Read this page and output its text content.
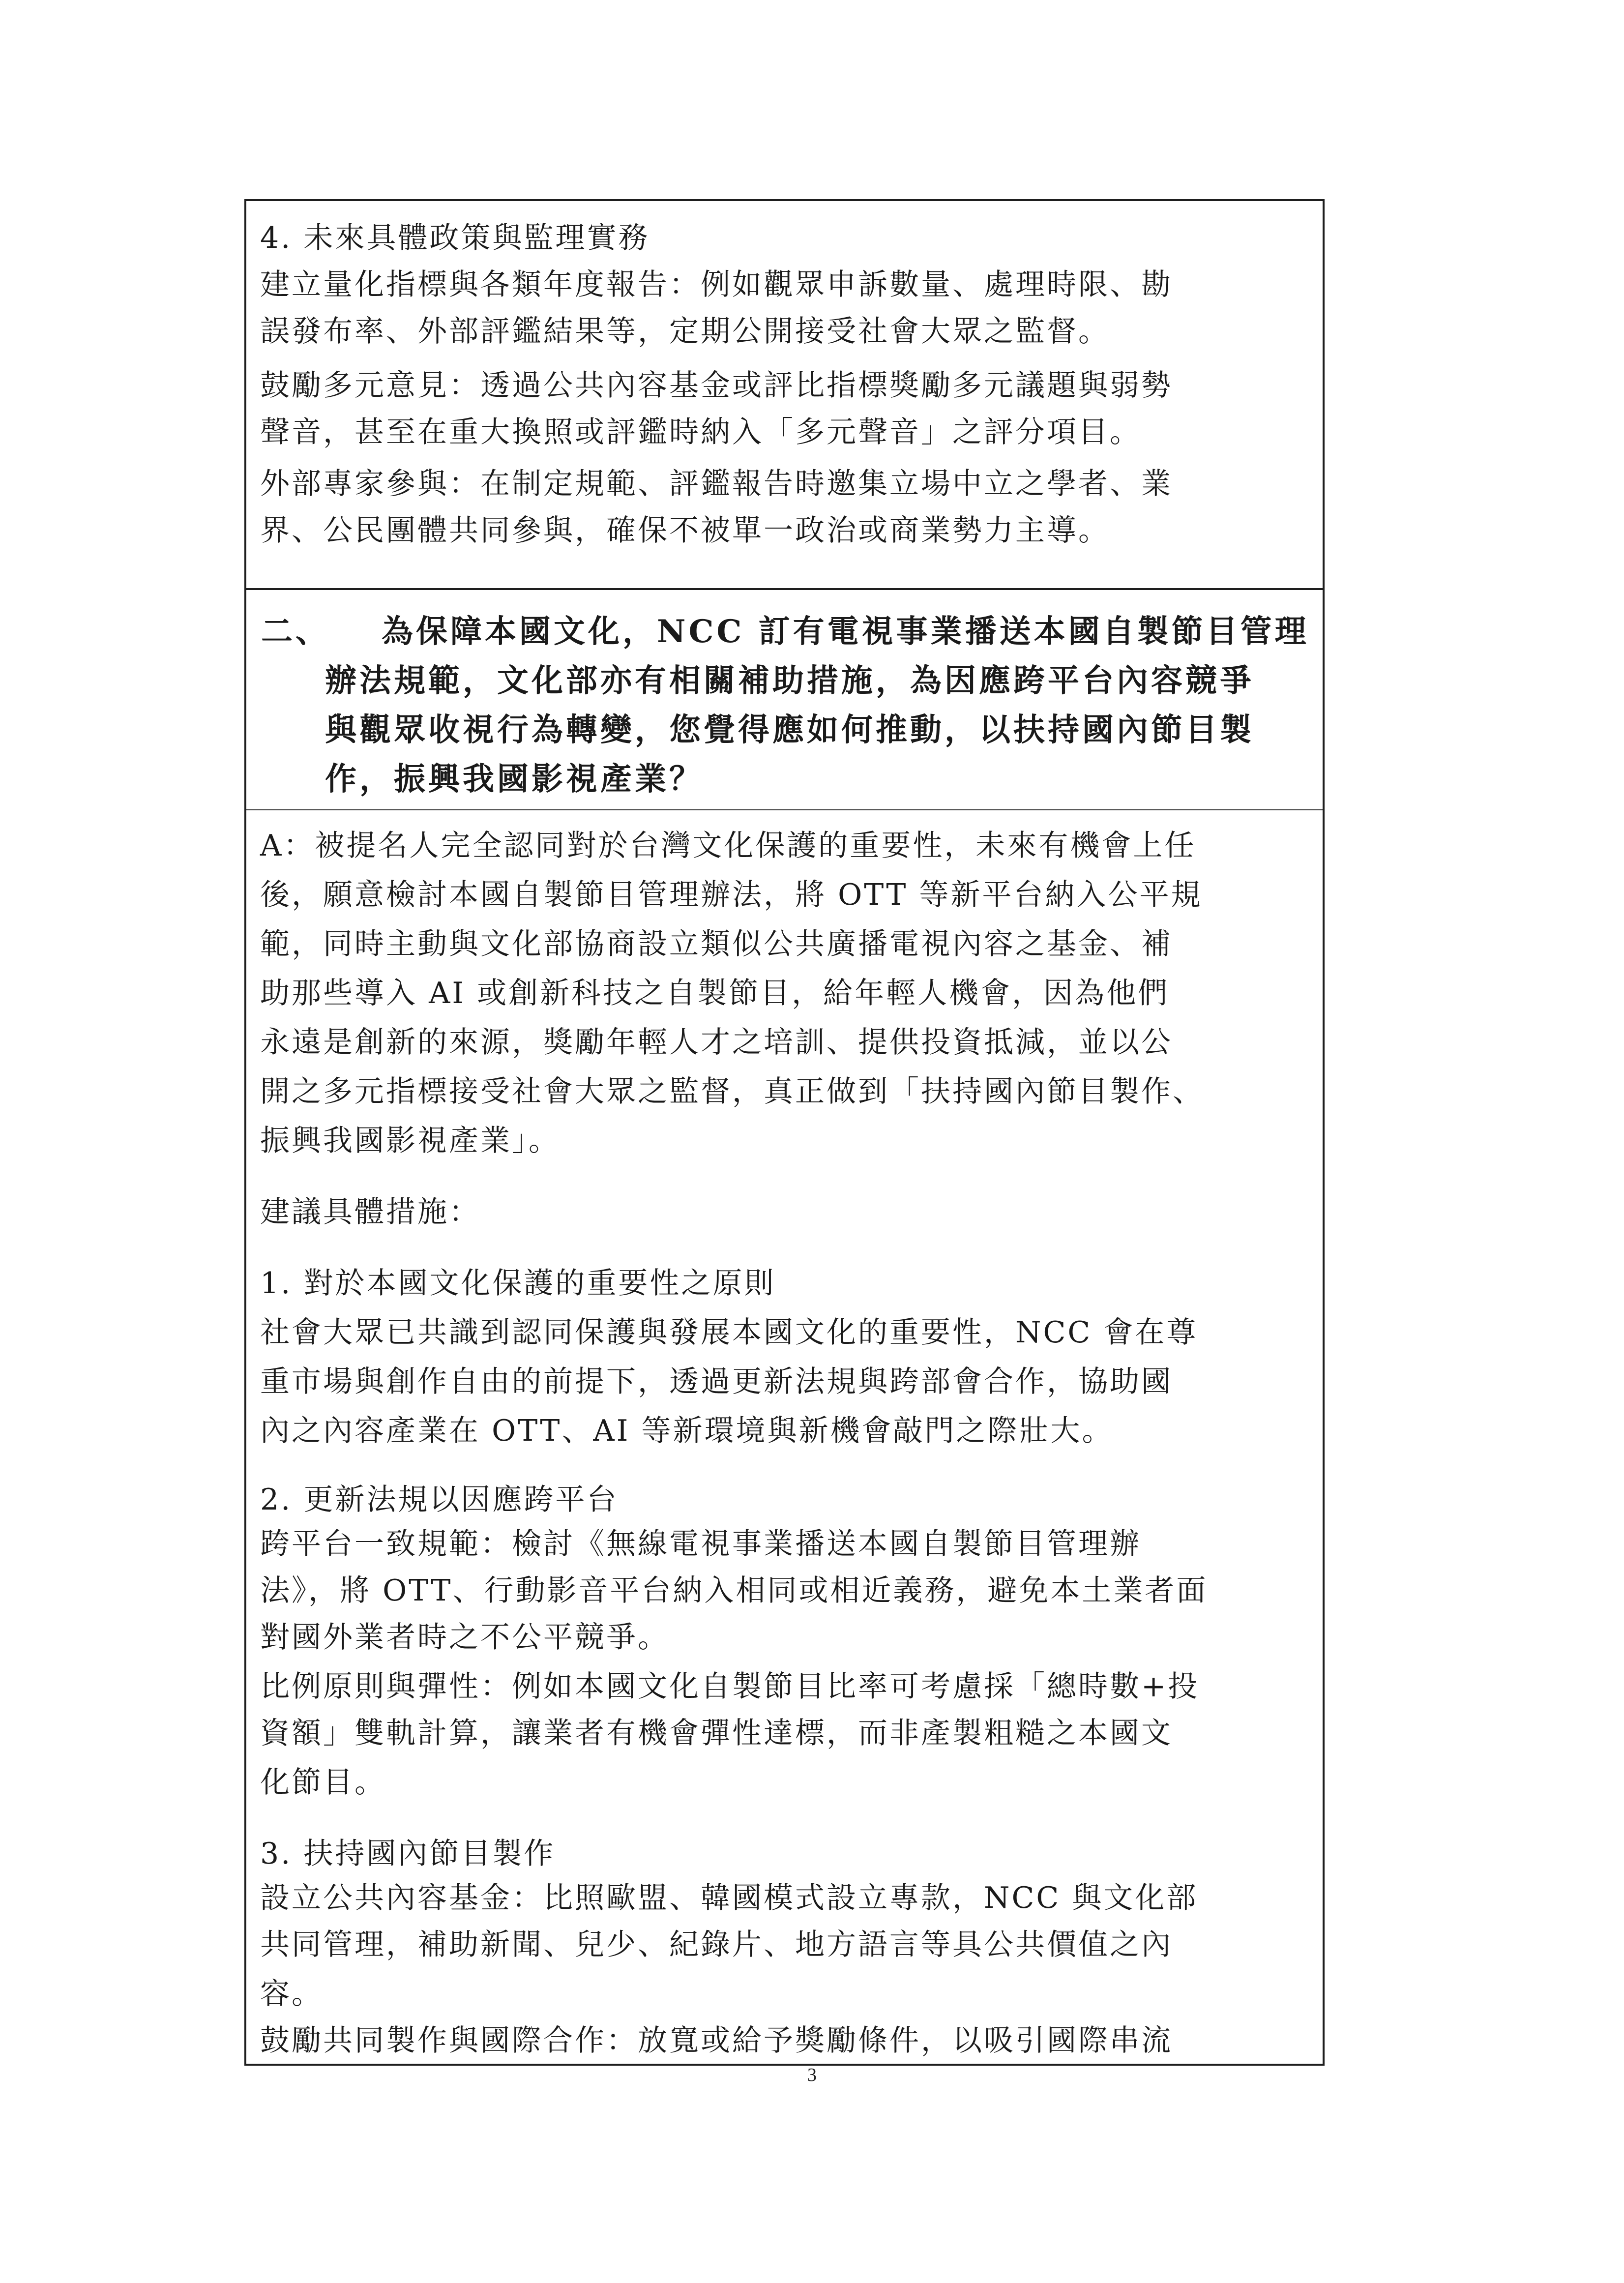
4. 未來具體政策與監理實務
建立量化指標與各類年度報告：例如觀眾申訴數量、處理時限、勘
誤發布率、外部評鑑結果等，定期公開接受社會大眾之監督。
鼓勵多元意見：透過公共內容基金或評比指標獎勵多元議題與弱勢
聲音，甚至在重大換照或評鑑時納入「多元聲音」之評分項目。
外部專家參與：在制定規範、評鑑報告時邀集立場中立之學者、業
界、公民團體共同參與，確保不被單一政治或商業勢力主導。
二、 為保障本國文化，NCC 訂有電視事業播送本國自製節目管理
辦法規範，文化部亦有相關補助措施，為因應跨平台內容競爭
與觀眾收視行為轉變，您覺得應如何推動，以扶持國內節目製
作，振興我國影視產業？
A：被提名人完全認同對於台灣文化保護的重要性，未來有機會上任
後，願意檢討本國自製節目管理辦法，將 OTT 等新平台納入公平規
範，同時主動與文化部協商設立類似公共廣播電視內容之基金、補
助那些導入 AI 或創新科技之自製節目，給年輕人機會，因為他們
永遠是創新的來源，獎勵年輕人才之培訓、提供投資抵減，並以公
開之多元指標接受社會大眾之監督，真正做到「扶持國內節目製作、
振興我國影視產業」。
建議具體措施：
1. 對於本國文化保護的重要性之原則
社會大眾已共識到認同保護與發展本國文化的重要性，NCC 會在尊
重市場與創作自由的前提下，透過更新法規與跨部會合作，協助國
內之內容產業在 OTT、AI 等新環境與新機會敲門之際壯大。
2. 更新法規以因應跨平台
跨平台一致規範：檢討《無線電視事業播送本國自製節目管理辦
法》，將 OTT、行動影音平台納入相同或相近義務，避免本土業者面
對國外業者時之不公平競爭。
比例原則與彈性：例如本國文化自製節目比率可考慮採「總時數+投
資額」雙軌計算，讓業者有機會彈性達標，而非產製粗糙之本國文
化節目。
3. 扶持國內節目製作
設立公共內容基金：比照歐盟、韓國模式設立專款，NCC 與文化部
共同管理，補助新聞、兒少、紀錄片、地方語言等具公共價值之內
容。
鼓勵共同製作與國際合作：放寬或給予獎勵條件，以吸引國際串流
3
